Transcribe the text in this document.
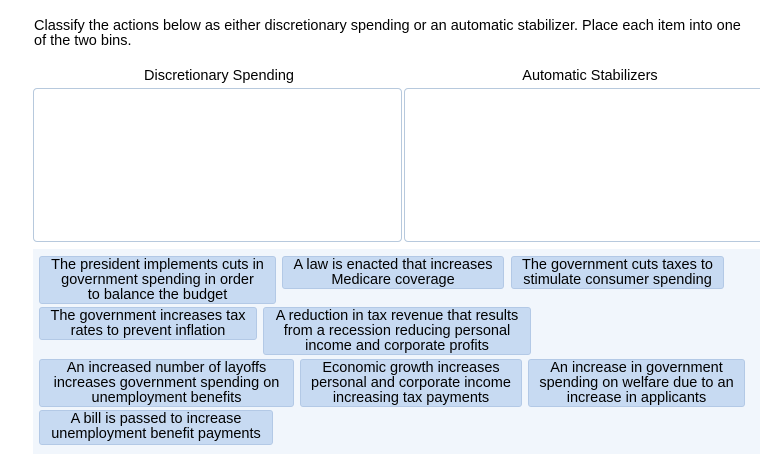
Classify the actions below as either discretionary spending or an automatic stabilizer. Place each item into one of the two bins.
Discretionary Spending	Automatic Stabilizers
The president implements cuts in
government spending in order
to balance the budget
A law is enacted that increases
Medicare coverage
The government cuts taxes to
stimulate consumer spending
The government increases tax
rates to prevent inflation
A reduction in tax revenue that results
from a recession reducing personal
income and corporate profits
An increased number of layoffs
increases government spending on
unemployment benefits
Economic growth increases
personal and corporate income
increasing tax payments
An increase in government
spending on welfare due to an
increase in applicants
A bill is passed to increase
unemployment benefit payments
